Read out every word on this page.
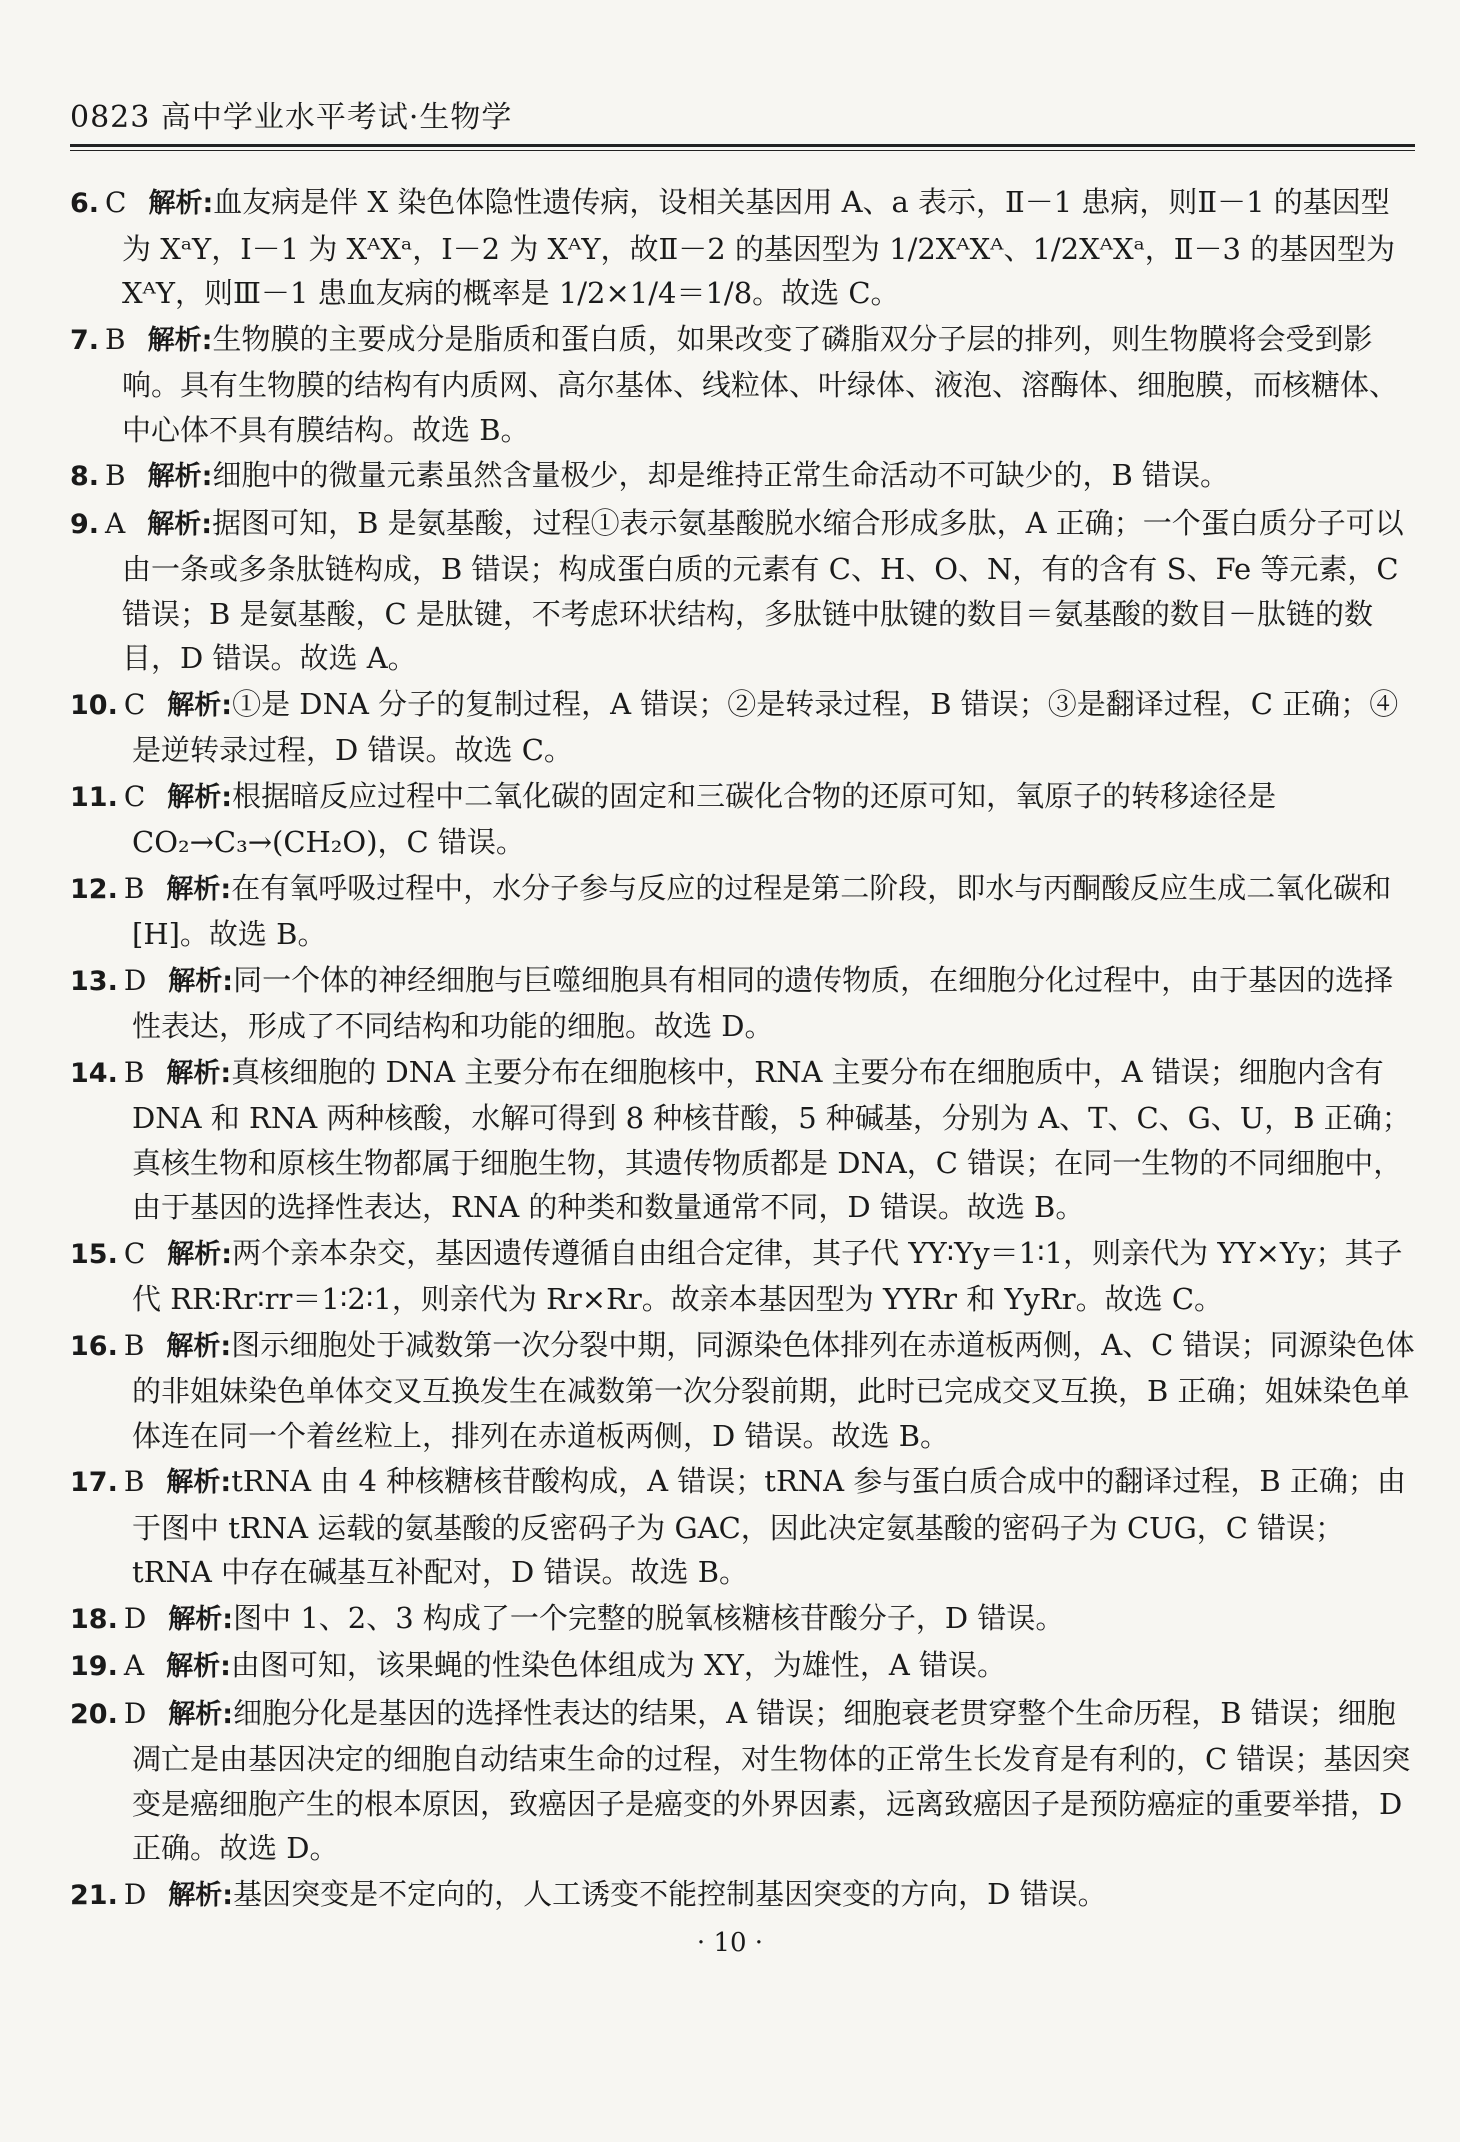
0823 高中学业水平考试·生物学

6. C 解析:血友病是伴 X 染色体隐性遗传病，设相关基因用 A、a 表示，Ⅱ－1 患病，则Ⅱ－1 的基因型为 XᵃY，Ⅰ－1 为 XᴬXᵃ，Ⅰ－2 为 XᴬY，故Ⅱ－2 的基因型为 1/2XᴬXᴬ、1/2XᴬXᵃ，Ⅱ－3 的基因型为 XᴬY，则Ⅲ－1 患血友病的概率是 1/2×1/4＝1/8。故选 C。

7. B 解析:生物膜的主要成分是脂质和蛋白质，如果改变了磷脂双分子层的排列，则生物膜将会受到影响。具有生物膜的结构有内质网、高尔基体、线粒体、叶绿体、液泡、溶酶体、细胞膜，而核糖体、中心体不具有膜结构。故选 B。

8. B 解析:细胞中的微量元素虽然含量极少，却是维持正常生命活动不可缺少的，B 错误。

9. A 解析:据图可知，B 是氨基酸，过程①表示氨基酸脱水缩合形成多肽，A 正确；一个蛋白质分子可以由一条或多条肽链构成，B 错误；构成蛋白质的元素有 C、H、O、N，有的含有 S、Fe 等元素，C 错误；B 是氨基酸，C 是肽键，不考虑环状结构，多肽链中肽键的数目＝氨基酸的数目－肽链的数目，D 错误。故选 A。

10. C 解析:①是 DNA 分子的复制过程，A 错误；②是转录过程，B 错误；③是翻译过程，C 正确；④是逆转录过程，D 错误。故选 C。

11. C 解析:根据暗反应过程中二氧化碳的固定和三碳化合物的还原可知，氧原子的转移途径是 CO₂→C₃→(CH₂O)，C 错误。

12. B 解析:在有氧呼吸过程中，水分子参与反应的过程是第二阶段，即水与丙酮酸反应生成二氧化碳和[H]。故选 B。

13. D 解析:同一个体的神经细胞与巨噬细胞具有相同的遗传物质，在细胞分化过程中，由于基因的选择性表达，形成了不同结构和功能的细胞。故选 D。

14. B 解析:真核细胞的 DNA 主要分布在细胞核中，RNA 主要分布在细胞质中，A 错误；细胞内含有 DNA 和 RNA 两种核酸，水解可得到 8 种核苷酸，5 种碱基，分别为 A、T、C、G、U，B 正确；真核生物和原核生物都属于细胞生物，其遗传物质都是 DNA，C 错误；在同一生物的不同细胞中，由于基因的选择性表达，RNA 的种类和数量通常不同，D 错误。故选 B。

15. C 解析:两个亲本杂交，基因遗传遵循自由组合定律，其子代 YY∶Yy＝1∶1，则亲代为 YY×Yy；其子代 RR∶Rr∶rr＝1∶2∶1，则亲代为 Rr×Rr。故亲本基因型为 YYRr 和 YyRr。故选 C。

16. B 解析:图示细胞处于减数第一次分裂中期，同源染色体排列在赤道板两侧，A、C 错误；同源染色体的非姐妹染色单体交叉互换发生在减数第一次分裂前期，此时已完成交叉互换，B 正确；姐妹染色单体连在同一个着丝粒上，排列在赤道板两侧，D 错误。故选 B。

17. B 解析:tRNA 由 4 种核糖核苷酸构成，A 错误；tRNA 参与蛋白质合成中的翻译过程，B 正确；由于图中 tRNA 运载的氨基酸的反密码子为 GAC，因此决定氨基酸的密码子为 CUG，C 错误；tRNA 中存在碱基互补配对，D 错误。故选 B。

18. D 解析:图中 1、2、3 构成了一个完整的脱氧核糖核苷酸分子，D 错误。

19. A 解析:由图可知，该果蝇的性染色体组成为 XY，为雄性，A 错误。

20. D 解析:细胞分化是基因的选择性表达的结果，A 错误；细胞衰老贯穿整个生命历程，B 错误；细胞凋亡是由基因决定的细胞自动结束生命的过程，对生物体的正常生长发育是有利的，C 错误；基因突变是癌细胞产生的根本原因，致癌因子是癌变的外界因素，远离致癌因子是预防癌症的重要举措，D 正确。故选 D。

21. D 解析:基因突变是不定向的，人工诱变不能控制基因突变的方向，D 错误。

· 10 ·
